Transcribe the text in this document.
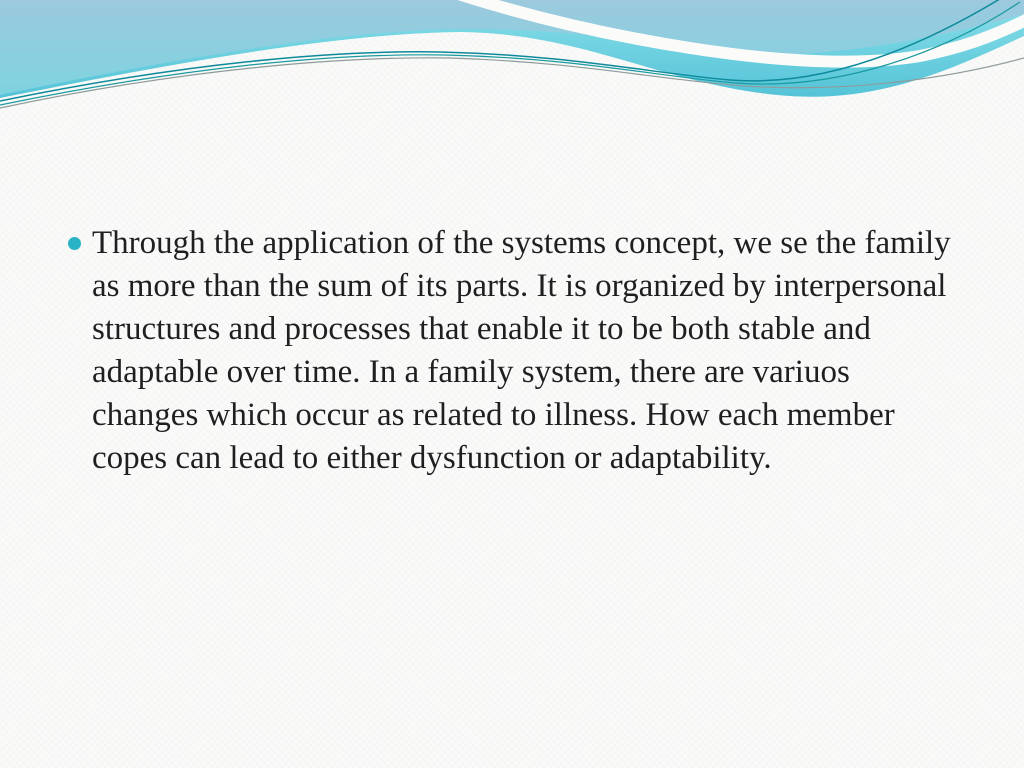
Through the application of the systems concept, we se the family as more than the sum of its parts. It is organized by interpersonal structures and processes that enable it to be both stable and adaptable over time. In a family system, there are variuos changes which occur as related to illness. How each member copes can lead to either dysfunction or adaptability.
